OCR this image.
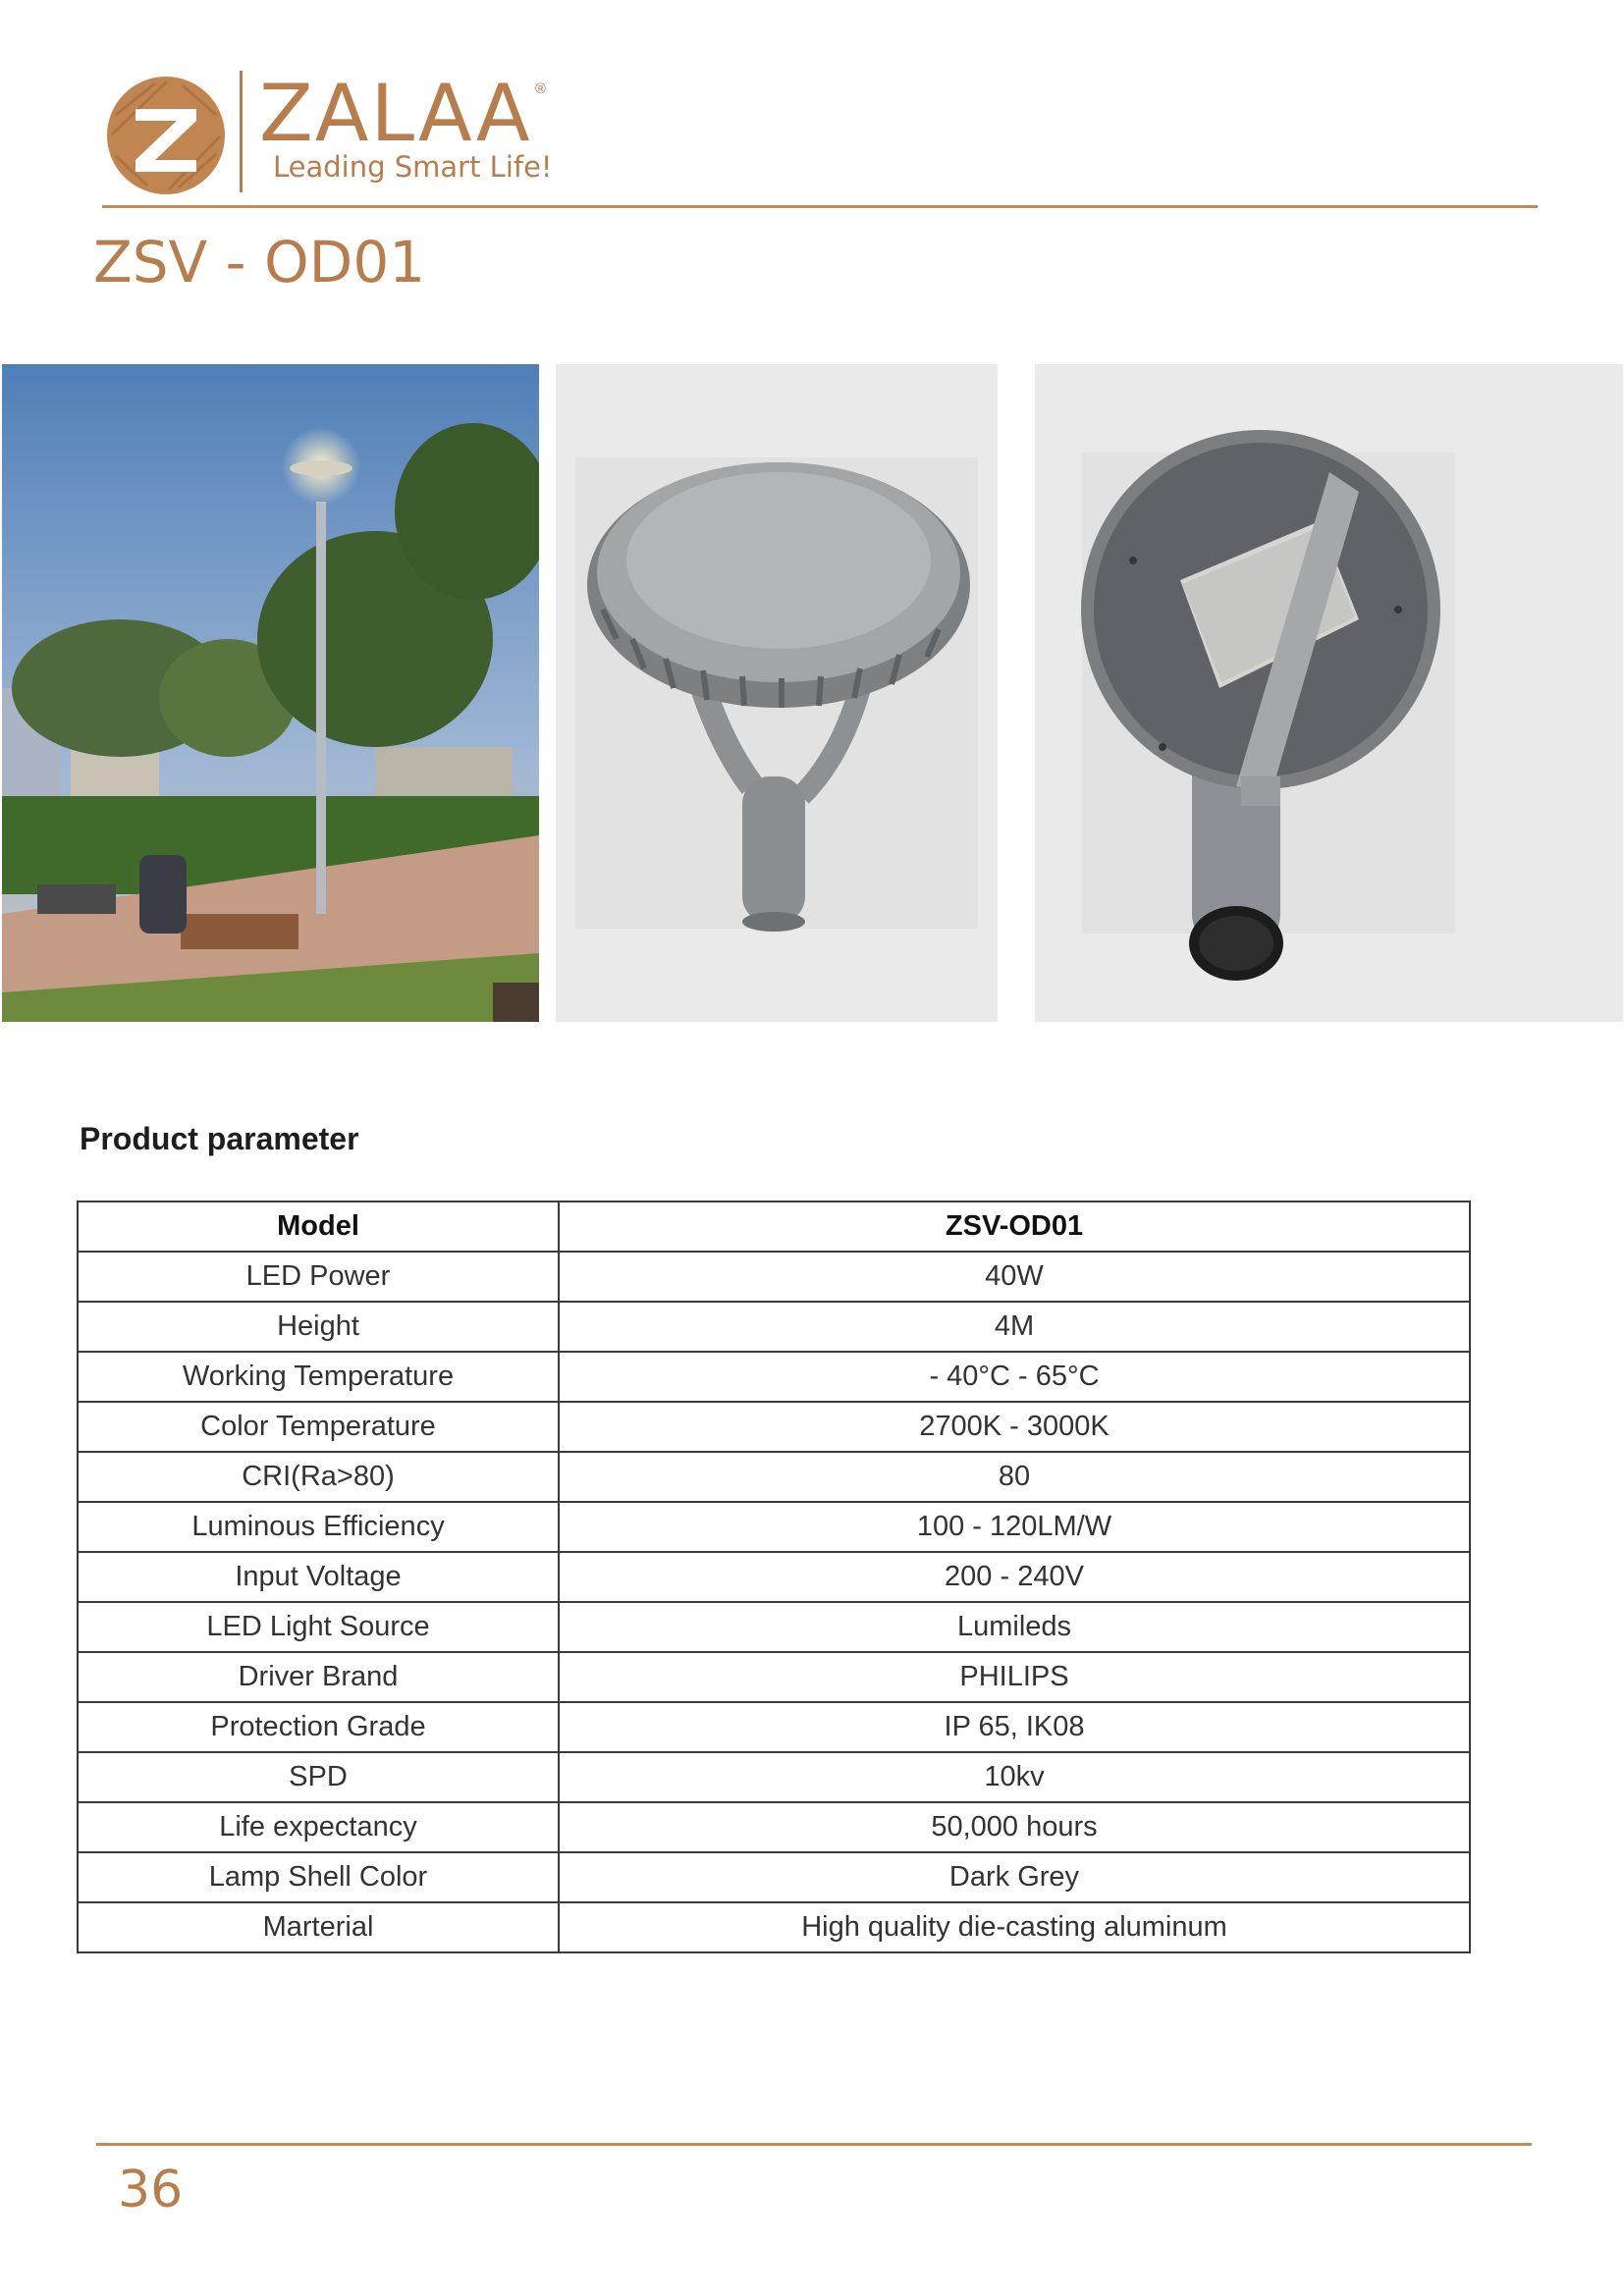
ZALAA ®
Leading Smart Life!
ZSV - OD01
Product parameter
Model	ZSV-OD01
LED Power	40W
Height	4M
Working Temperature	- 40°C - 65°C
Color Temperature	2700K - 3000K
CRI(Ra>80)	80
Luminous Efficiency	100 - 120LM/W
Input Voltage	200 - 240V
LED Light Source	Lumileds
Driver Brand	PHILIPS
Protection Grade	IP 65, IK08
SPD	10kv
Life expectancy	50,000 hours
Lamp Shell Color	Dark Grey
Marterial	High quality die-casting aluminum
36
